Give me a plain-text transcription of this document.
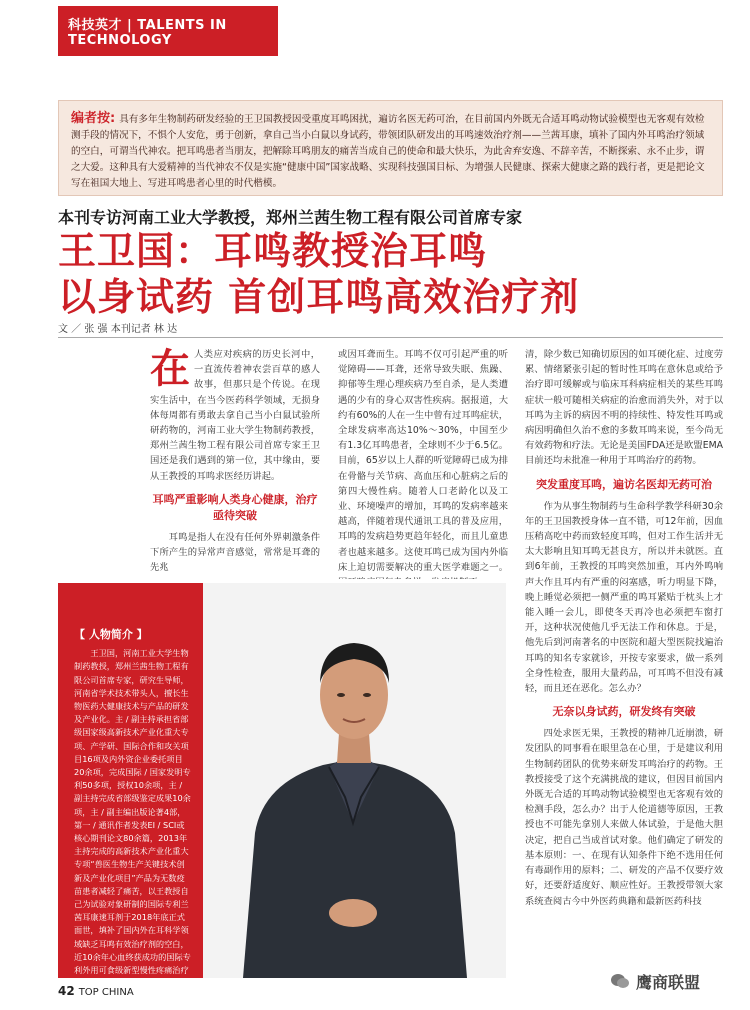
科技英才 | TALENTS IN TECHNOLOGY
编者按: 具有多年生物制药研发经验的王卫国教授因受重度耳鸣困扰，遍访名医无药可治，在目前国内外既无合适耳鸣动物试验模型也无客观有效检测手段的情况下，不惧个人安危，勇于创新，拿自己当小白鼠以身试药，带领团队研发出的耳鸣速效治疗剂——兰茜耳康，填补了国内外耳鸣治疗领域的空白，可谓当代神农。把耳鸣患者当朋友，把解除耳鸣朋友的痛苦当成自己的使命和最大快乐，为此舍弃安逸、不辞辛苦，不断探索、永不止步，谓之大爱。这种具有大爱精神的当代神农不仅是实施“健康中国”国家战略、实现科技强国目标、为增强人民健康、探索大健康之路的践行者，更是把论文写在祖国大地上、写进耳鸣患者心里的时代楷模。
本刊专访河南工业大学教授，郑州兰茜生物工程有限公司首席专家
王卫国：耳鸣教授治耳鸣
以身试药 首创耳鸣高效治疗剂
文 ／ 张 强 本刊记者 林 达
在 人类应对疾病的历史长河中，一直流传着神农尝百草的感人故事，但那只是个传说。在现实生活中，在当今医药科学领域，无损身体每周都有勇敢去拿自己当小白鼠试验所研药物的，河南工业大学生物制药教授，郑州兰茜生物工程有限公司首席专家王卫国还是我们遇到的第一位，其中缘由，要从王教授的耳鸣求医经历讲起。

耳鸣严重影响人类身心健康，治疗亟待突破

耳鸣是指人在没有任何外界刺激条件下所产生的异常声音感觉，常常是耳聋的先兆

或因耳聋而生。耳鸣不仅可引起严重的听觉障碍——耳聋，还常导致失眠、焦躁、抑郁等生理心理疾病乃至自杀，是人类遭遇的少有的身心双害性疾病。据报道，大约有60%的人在一生中曾有过耳鸣症状，全球发病率高达10%～30%，中国至少有1.3亿耳鸣患者，全球则不少于6.5亿。目前，65岁以上人群的听觉障碍已成为排在骨骼与关节病、高血压和心脏病之后的第四大慢性病。随着人口老龄化以及工业、环境噪声的增加，耳鸣的发病率越来越高，伴随着现代通讯工具的普及应用，耳鸣的发病趋势更趋年轻化，而且儿童患者也越来越多。这使耳鸣已成为国内外临床上迫切需要解决的重大医学难题之一。

清，除少数已知确切原因的如耳硬化症、过度劳累、情绪紧张引起的暂时性耳鸣在意休息或给予治疗即可缓解或与临床耳科病症相关的某些耳鸣症状一般可随相关病症的治愈而消失外，对于以耳鸣为主诉的病因不明的持续性、特发性耳鸣或病因明确但久治不愈的多数耳鸣来说，至今尚无有效药物和疗法。无论是美国FDA还是欧盟EMA目前还均未批准一种用于耳鸣治疗的药物。

突发重度耳鸣，遍访名医却无药可治

作为从事生物制药与生命科学教学科研30余年的王卫国教授身体一直不错，可12年前，因血压稍高吃中药而致轻度耳鸣，但对工作生活并无太大影响且知耳鸣无甚良方，所以并未就医。直到6年前，王教授的耳鸣突然加重，耳内外鸣响声大作且耳内有严重的闷塞感，听力明显下降，晚上睡觉必须把一侧严重的鸣耳紧贴于枕头上才能入睡一会儿，即使冬天再冷也必须把车窗打开，这种状况使他几乎无法工作和休息。于是，他先后到河南著名的中医院和超大型医院找遍治耳鸣的知名专家就诊，开按专家要求，做一系列全身性检查，服用大量药品，可耳鸣不但没有减轻，而且还在恶化。怎么办？

无奈以身试药，研发终有突破

四处求医无果，王教授的精神几近崩溃，研发团队的同事看在眼里急在心里，于是建议利用生物制药团队的优势来研发耳鸣治疗的药物。王教授接受了这个充满挑战的建议，但因目前国内外既无合适的耳鸣动物试验模型也无客观有效的检测手段，怎么办？出于人伦道德等原因，王教授也不可能先拿别人来做人体试验，于是他大胆决定，把自己当成首试对象。他们确定了研发的基本原则：一、在现有认知条件下绝不选用任何有毒副作用的原料；二、研发的产品不仅要疗效好，还要舒适度好、顺应性好。王教授带领大家系统查阅古今中外医药典籍和最新医药科技

【 人物简介 】
王卫国，河南工业大学生物制药教授，郑州兰茜生物工程有限公司首席专家，研究生导师，河南省学术技术带头人，擅长生物医药大健康技术与产品的研发及产业化。主 / 副主持承担省部级国家级高新技术产业化重大专项、产学研、国际合作和攻关项目16项及内外资企业委托项目20余项，完成国际 / 国家发明专利50多项，授权10余项，主 / 副主持完成省部级鉴定成果10余项，主 / 副主编出版论著4部，第一 / 通讯作者发表EI / SCI或核心期刊论文80余篇，2013年主持完成的高新技术产业化重大专项“兽医生物生产关键技术创新及产业化项目”产品为无数疫苗患者减轻了痛苦，以王教授自己为试验对象研制的国际专利兰茜耳康速耳剂于2018年底正式面世，填补了国内外在耳科学领域缺乏耳鸣有效治疗剂的空白，近10余年心血终获成功的国际专利外用可食级新型慢性疼痛治疗
42 TOP CHINA
鹰商联盟
